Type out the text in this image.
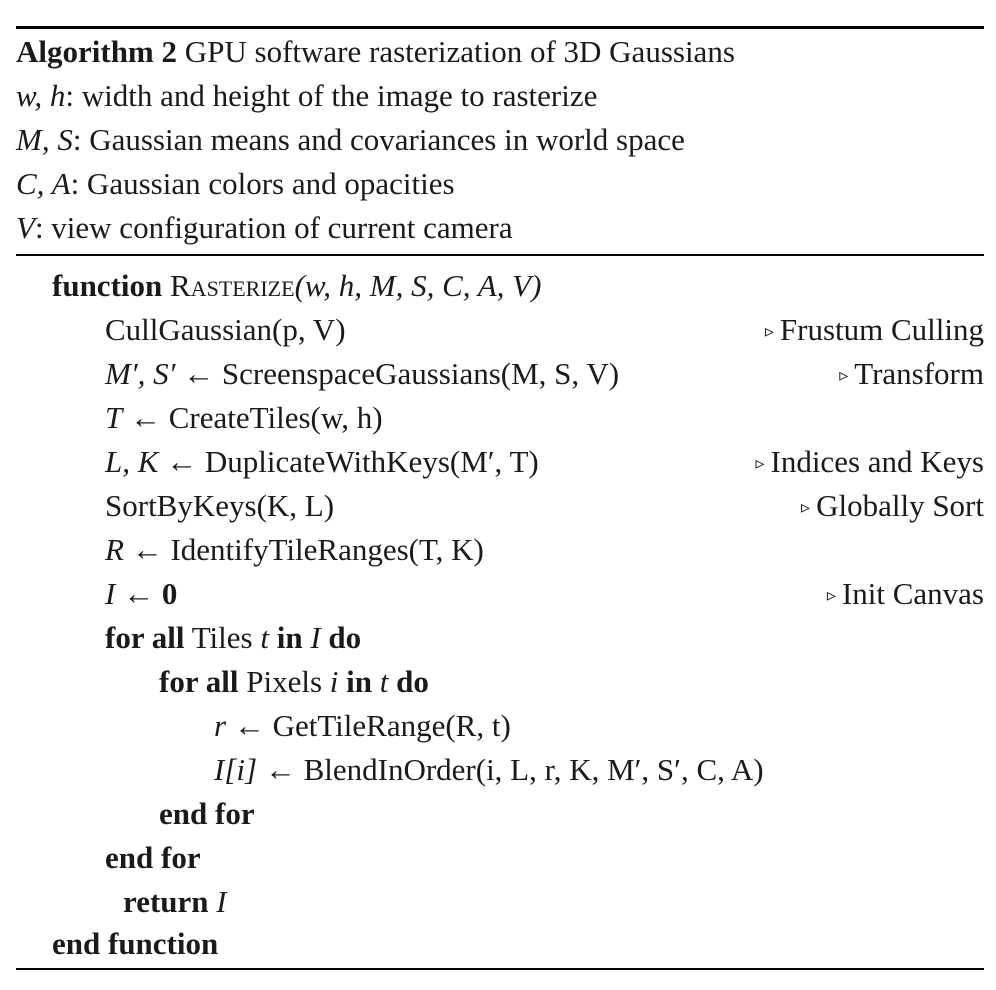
Algorithm 2 GPU software rasterization of 3D Gaussians
w, h: width and height of the image to rasterize
M, S: Gaussian means and covariances in world space
C, A: Gaussian colors and opacities
V: view configuration of current camera
function Rasterize(w, h, M, S, C, A, V)
CullGaussian(p, V)	▹ Frustum Culling
M′, S′ ← ScreenspaceGaussians(M, S, V)	▹ Transform
T ← CreateTiles(w, h)
L, K ← DuplicateWithKeys(M′, T)	▹ Indices and Keys
SortByKeys(K, L)	▹ Globally Sort
R ← IdentifyTileRanges(T, K)
I ← 0	▹ Init Canvas
for all Tiles t in I do
for all Pixels i in t do
r ← GetTileRange(R, t)
I[i] ← BlendInOrder(i, L, r, K, M′, S′, C, A)
end for
end for
return I
end function
